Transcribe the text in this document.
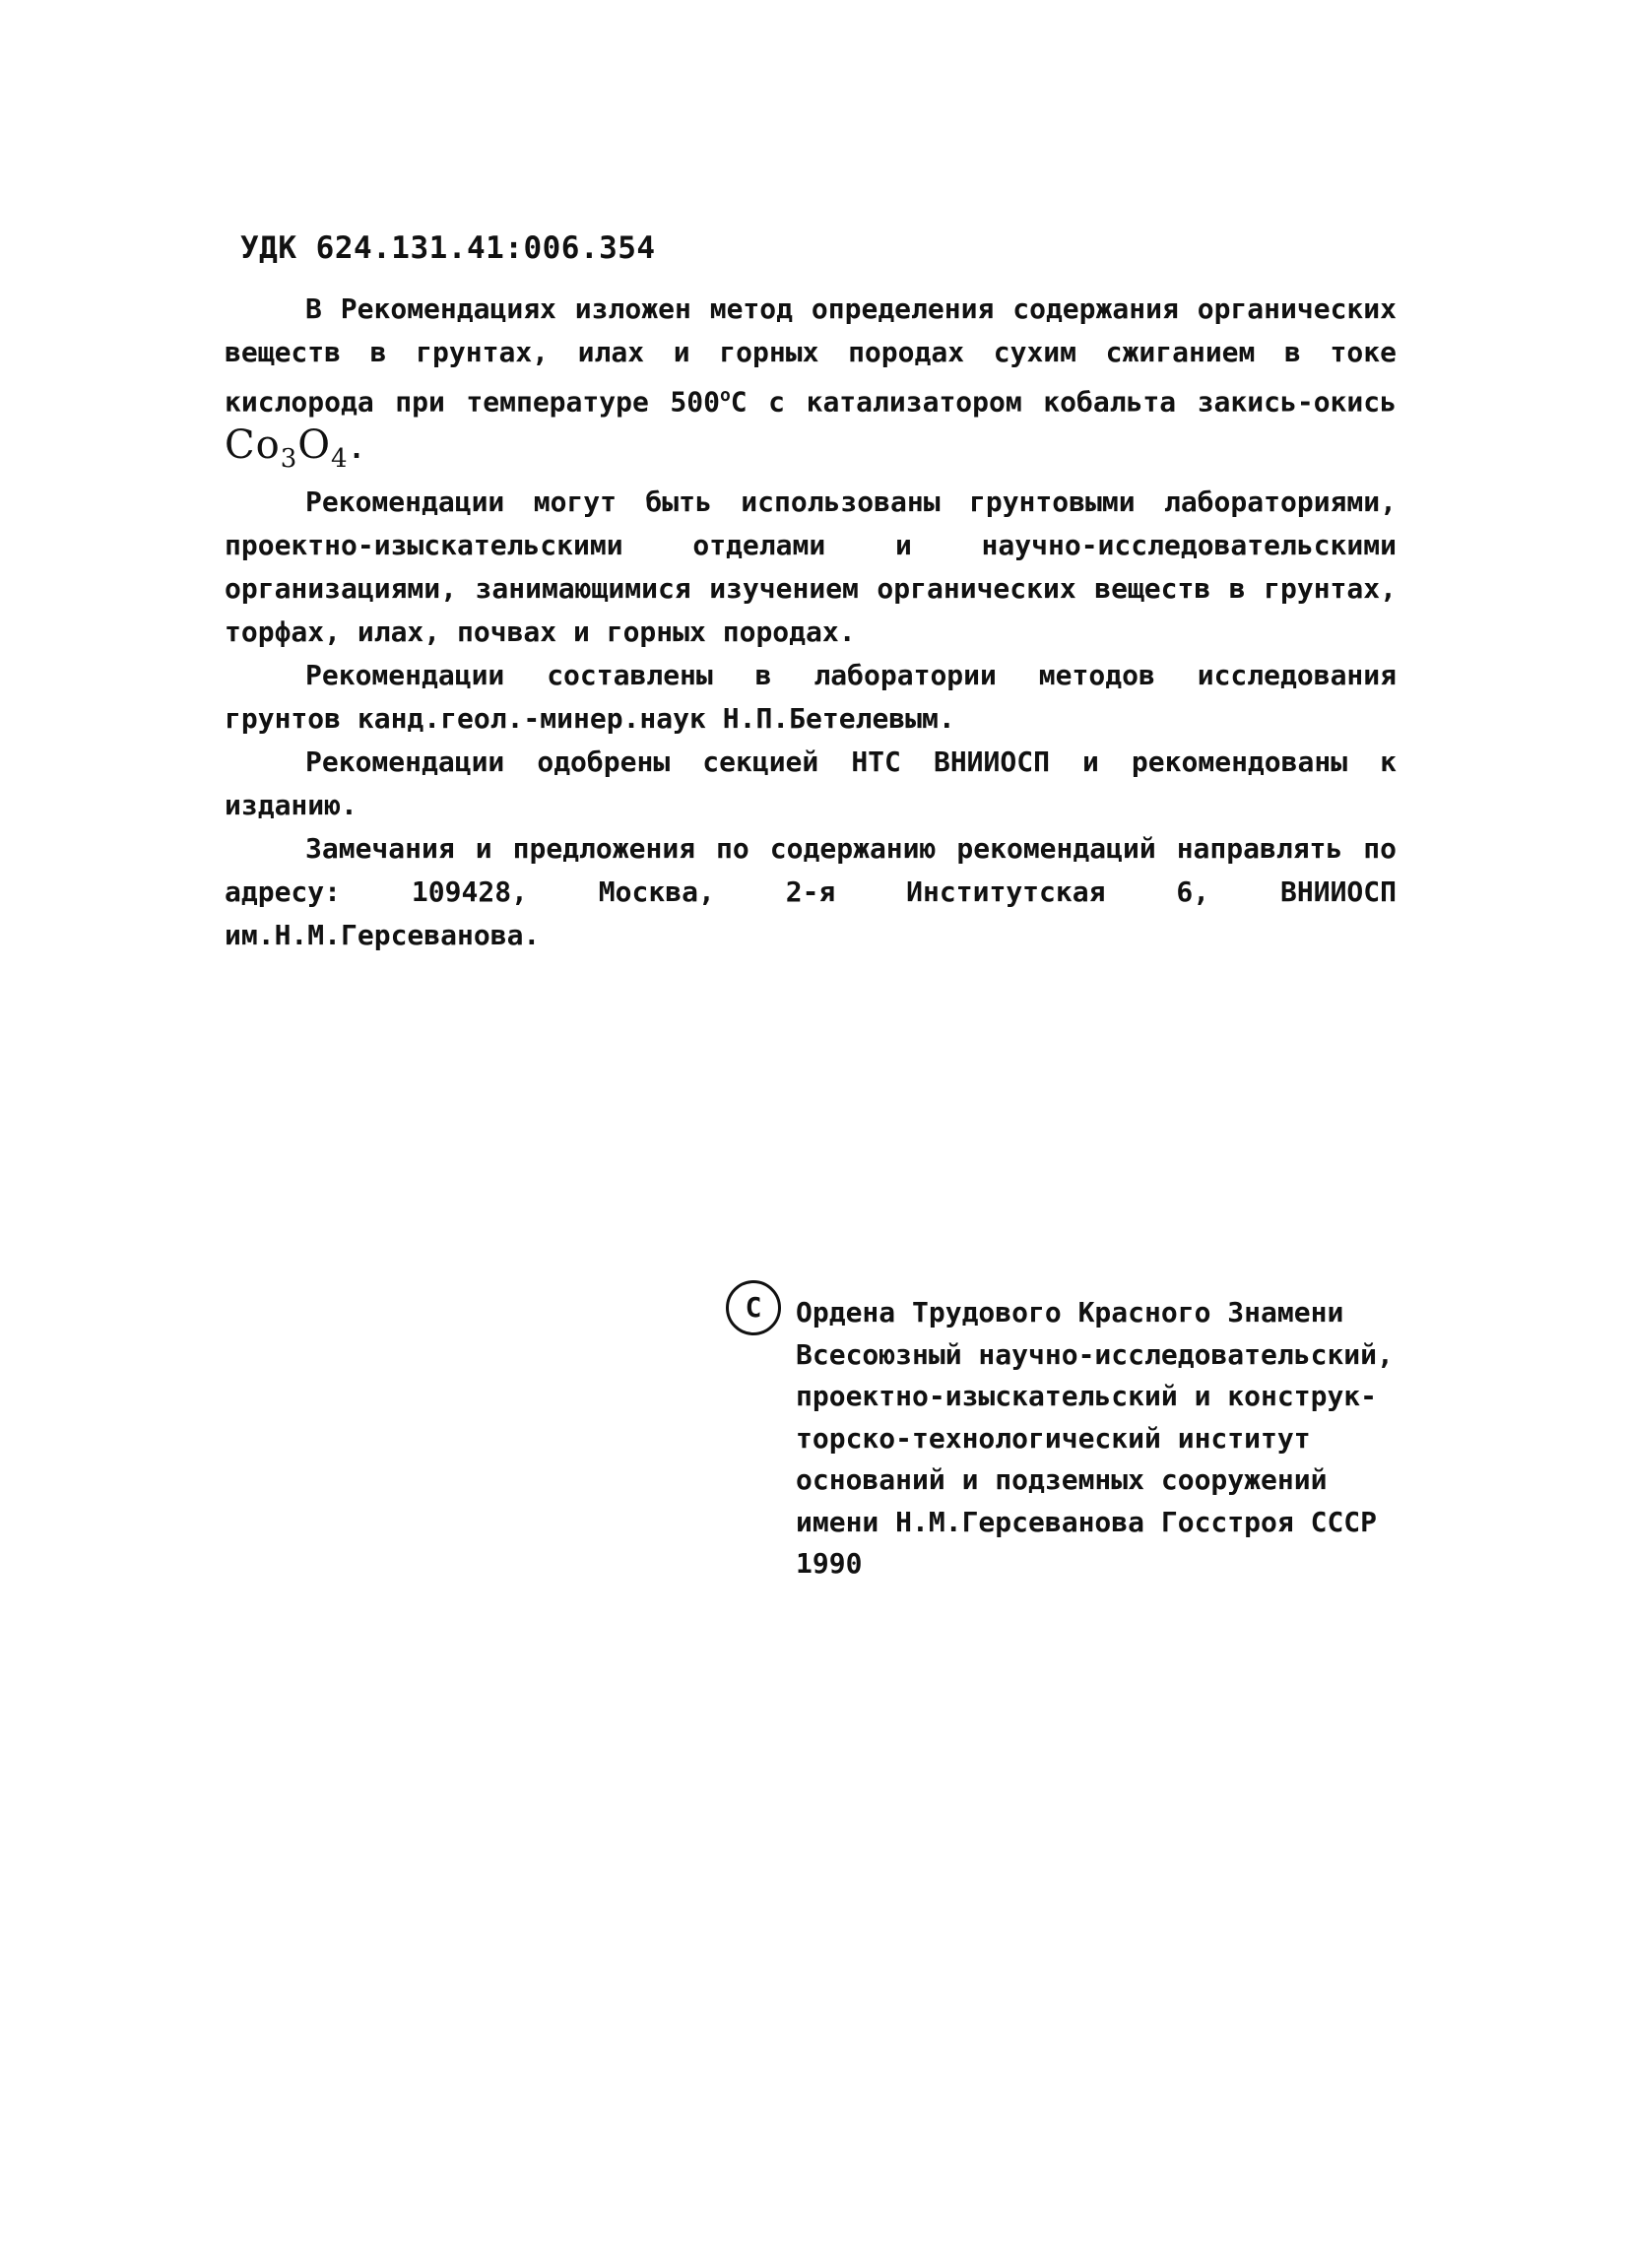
УДК 624.131.41:006.354

В Рекомендациях изложен метод определения содержания органических веществ в грунтах, илах и горных породах сухим сжиганием в токе кислорода при температуре 500$^o$С с катализатором кобальта закись-окись $Co_3O_4$.

Рекомендации могут быть использованы грунтовыми лабораториями, проектно-изыскательскими отделами и научно-исследовательскими организациями, занимающимися изучением органических веществ в грунтах, торфах, илах, почвах и горных породах.

Рекомендации составлены в лаборатории методов исследования грунтов канд.геол.-минер.наук Н.П.Бетелевым.

Рекомендации одобрены секцией НТС ВНИИОСП и рекомендованы к изданию.

Замечания и предложения по содержанию рекомендаций направлять по адресу: 109428, Москва, 2-я Институтская 6, ВНИИОСП им.Н.М.Герсеванова.

С	Ордена Трудового Красного Знамени
Всесоюзный научно-исследовательский,
проектно-изыскательский и конструк-
торско-технологический институт
оснований и подземных сооружений
имени Н.М.Герсеванова Госстроя СССР
1990
